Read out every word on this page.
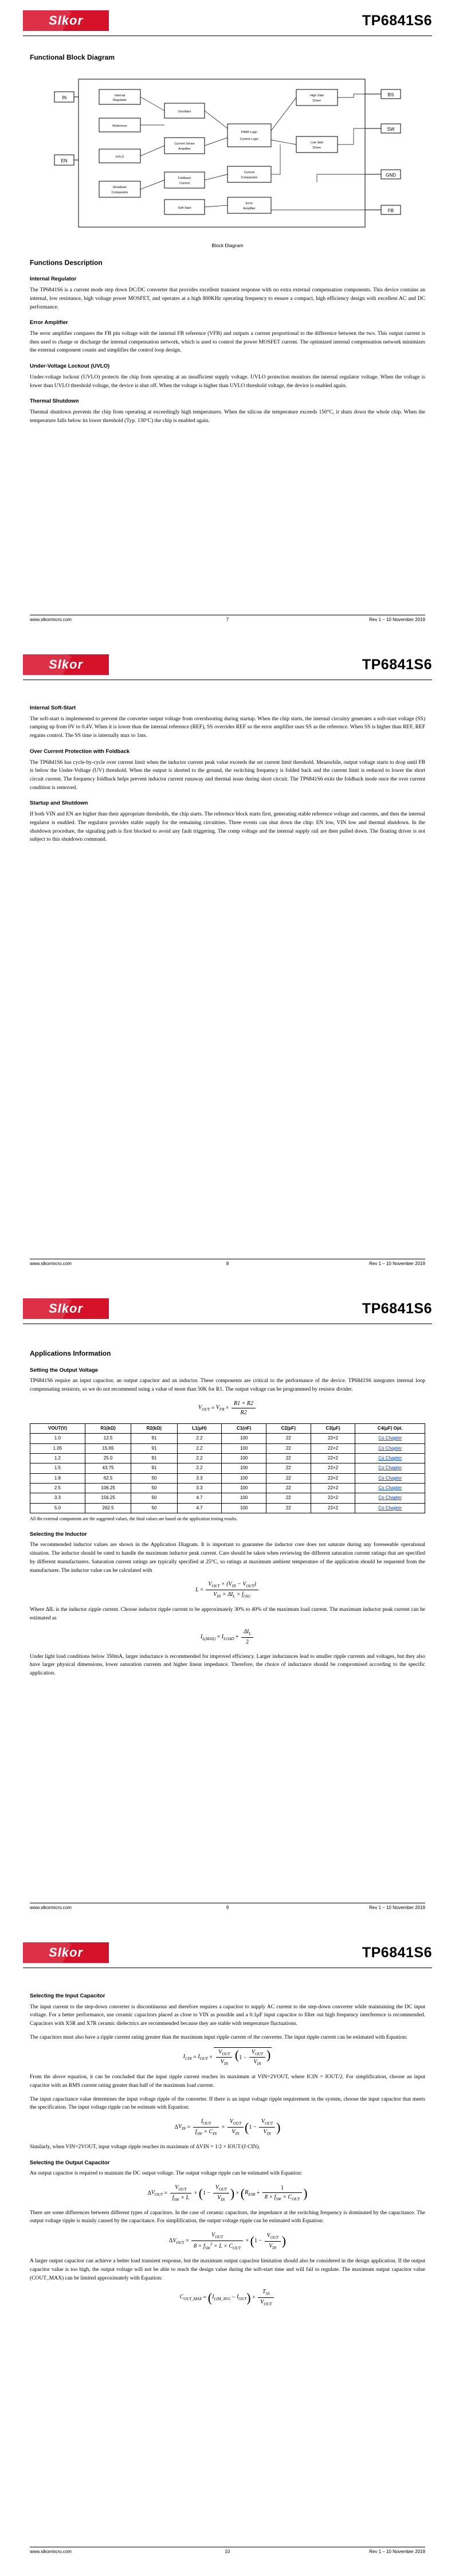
Slkor	TP6841S6
Functional Block Diagram
IN
EN
BS
SW
GND
FB
Internal
Regulator
Reference
UVLO
Shutdown
Comparator
Oscillator
Current Sense
Amplifier
Foldback
Control
Soft-Start
PWM Logic
Control Logic
Current
Comparator
Error
Amplifier
High Side
Driver
Low Side
Driver
Block Diagram
Functions Description
Internal Regulator

The TP6841S6 is a current mode step down DC/DC converter that provides excellent transient response with no extra external compensation components. This device contains an internal, low resistance, high voltage power MOSFET, and operates at a high 800KHz operating frequency to ensure a compact, high efficiency design with excellent AC and DC performance.

Error Amplifier

The error amplifier compares the FB pin voltage with the internal FB reference (VFB) and outputs a current proportional to the difference between the two. This output current is then used to charge or discharge the internal compensation network, which is used to control the power MOSFET current. The optimized internal compensation network minimizes the external component counts and simplifies the control loop design.

Under-Voltage Lockout (UVLO)

Under-voltage lockout (UVLO) protects the chip from operating at an insufficient supply voltage. UVLO protection monitors the internal regulator voltage. When the voltage is lower than UVLO threshold voltage, the device is shut off. When the voltage is higher than UVLO threshold voltage, the device is enabled again.

Thermal Shutdown

Thermal shutdown prevents the chip from operating at exceedingly high temperatures. When the silicon die temperature exceeds 150°C, it shuts down the whole chip. When the temperature falls below its lower threshold (Typ. 130°C) the chip is enabled again.

www.slkormicro.com	7	Rev 1 – 10 November 2019
Slkor	TP6841S6
Internal Soft-Start

The soft-start is implemented to prevent the converter output voltage from overshooting during startup. When the chip starts, the internal circuitry generates a soft-start voltage (SS) ramping up from 0V to 0.4V. When it is lower than the internal reference (REF), SS overrides REF so the error amplifier uses SS as the reference. When SS is higher than REF, REF regains control. The SS time is internally max to 1ms.

Over Current Protection with Foldback

The TP6841S6 has cycle-by-cycle over current limit when the inductor current peak value exceeds the set current limit threshold. Meanwhile, output voltage starts to drop until FB is below the Under-Voltage (UV) threshold. When the output is shorted to the ground, the switching frequency is folded back and the current limit is reduced to lower the short circuit current. The frequency foldback helps prevent inductor current runaway and thermal issue during short circuit. The TP6841S6 exits the foldback mode once the over current condition is removed.

Startup and Shutdown

If both VIN and EN are higher than their appropriate thresholds, the chip starts. The reference block starts first, generating stable reference voltage and currents, and then the internal regulator is enabled. The regulator provides stable supply for the remaining circuitries. Three events can shut down the chip: EN low, VIN low and thermal shutdown. In the shutdown procedure, the signaling path is first blocked to avoid any fault triggering. The comp voltage and the internal supply rail are then pulled down. The floating driver is not subject to this shutdown command.

www.slkormicro.com	8	Rev 1 – 10 November 2019
Slkor	TP6841S6
Applications Information
Setting the Output Voltage

TP6841S6 require an input capacitor, an output capacitor and an inductor. These components are critical to the performance of the device. TP6841S6 integrates internal loop compensating resistors, so we do not recommend using a value of more than 50K for R1. The output voltage can be programmed by resistor divider.

$V_{OUT} = V_{FB} \times \frac{R1 + R2}{R2}$
VOUT(V)	R1(kΩ)	R2(kΩ)	L1(μH)	C1(nF)	C2(pF)	C3(μF)	C4(μF) Opt.
1.0	12.5	91	2.2	100	22	22×2	Co Chapter
1.05	15.65	91	2.2	100	22	22×2	Co Chapter
1.2	25.0	91	2.2	100	22	22×2	Co Chapter
1.5	43.75	91	2.2	100	22	22×2	Co Chapter
1.8	62.5	50	3.3	100	22	22×2	Co Chapter
2.5	106.25	50	3.3	100	22	22×2	Co Chapter
3.3	156.25	50	4.7	100	22	22×2	Co Chapter
5.0	262.5	50	4.7	100	22	22×2	Co Chapter

All the external components are the suggested values, the final values are based on the application testing results.

Selecting the Inductor

The recommended inductor values are shown in the Application Diagram. It is important to guarantee the inductor core does not saturate during any foreseeable operational situation. The inductor should be rated to handle the maximum inductor peak current. Care should be taken when reviewing the different saturation current ratings that are specified by different manufacturers. Saturation current ratings are typically specified at 25°C, so ratings at maximum ambient temperature of the application should be requested from the manufacturer. The inductor value can be calculated with

$L = \frac{V_{OUT} \times (V_{IN} - V_{OUT})}{V_{IN} \times \Delta I_L \times f_{OSC}}$

Where ΔIL is the inductor ripple current. Choose inductor ripple current to be approximately 30% to 40% of the maximum load current. The maximum inductor peak current can be estimated as

$I_{L(MAX)} = I_{LOAD} + \frac{\Delta I_L}{2}$

Under light load conditions below 350mA, larger inductance is recommended for improved efficiency. Larger inductances lead to smaller ripple currents and voltages, but they also have larger physical dimensions, lower saturation currents and higher linear impedance. Therefore, the choice of inductance should be compromised according to the specific application.

www.slkormicro.com	9	Rev 1 – 10 November 2019
Slkor	TP6841S6
Selecting the Input Capacitor

The input current to the step-down converter is discontinuous and therefore requires a capacitor to supply AC current to the step-down converter while maintaining the DC input voltage. For a better performance, use ceramic capacitors placed as close to VIN as possible and a 0.1μF input capacitor to filter out high frequency interference is recommended. Capacitors with X5R and X7R ceramic dielectrics are recommended because they are stable with temperature fluctuations.

The capacitors must also have a ripple current rating greater than the maximum input ripple current of the converter. The input ripple current can be estimated with Equation:

$I_{CIN} = I_{OUT} \times \frac{V_{OUT}}{V_{IN}} (1 - \frac{V_{OUT}}{V_{IN}}$ )

From the above equation, it can be concluded that the input ripple current reaches its maximum at VIN=2VOUT, where ICIN = IOUT/2. For simplification, choose an input capacitor with an RMS current rating greater than half of the maximum load current.

The input capacitance value determines the input voltage ripple of the converter. If there is an input voltage ripple requirement in the system, choose the input capacitor that meets the specification. The input voltage ripple can be estimate with Equation:

Δ $V_{IN} = \frac{I_{OUT}}{f_{SW} \times C_{IN}} \times \frac{V_{OUT}}{V_{IN}}$ ( $1 - \frac{V_{OUT}}{V_{IN}}$ )

Similarly, when VIN=2VOUT, input voltage ripple reaches its maximum of ΔVIN = 1/2 × IOUT/(f·CIN).

Selecting the Output Capacitor

An output capacitor is required to maintain the DC output voltage. The output voltage ripple can be estimated with Equation:

Δ $V_{OUT} = \frac{V_{OUT}}{f_{SW} \times L}$ × ( $1 - \frac{V_{OUT}}{V_{IN}}$ ) × ( $R_{ESR} + \frac{1}{8 \times f_{SW} \times C_{OUT}}$ )

There are some differences between different types of capacitors. In the case of ceramic capacitors, the impedance at the switching frequency is dominated by the capacitance. The output voltage ripple is mainly caused by the capacitance. For simplification, the output voltage ripple can be estimated with Equation:

Δ $V_{OUT} = \frac{V_{OUT}}{8 \times f_{SW}^2 \times L \times C_{OUT}}$ × ( $1 - \frac{V_{OUT}}{V_{IN}}$ )

A larger output capacitor can achieve a better load transient response, but the maximum output capacitor limitation should also be considered in the design application. If the output capacitor value is too high, the output voltage will not be able to reach the design value during the soft-start time and will fail to regulate. The maximum output capacitor value (COUT_MAX) can be limited approximately with Equation:

$C_{OUT\_MAX}$ = ( $I_{LIM\_AVG} - I_{OUT}$ ) × $\frac{T_{SS}}{V_{OUT}}$
www.slkormicro.com	10	Rev 1 – 10 November 2019
